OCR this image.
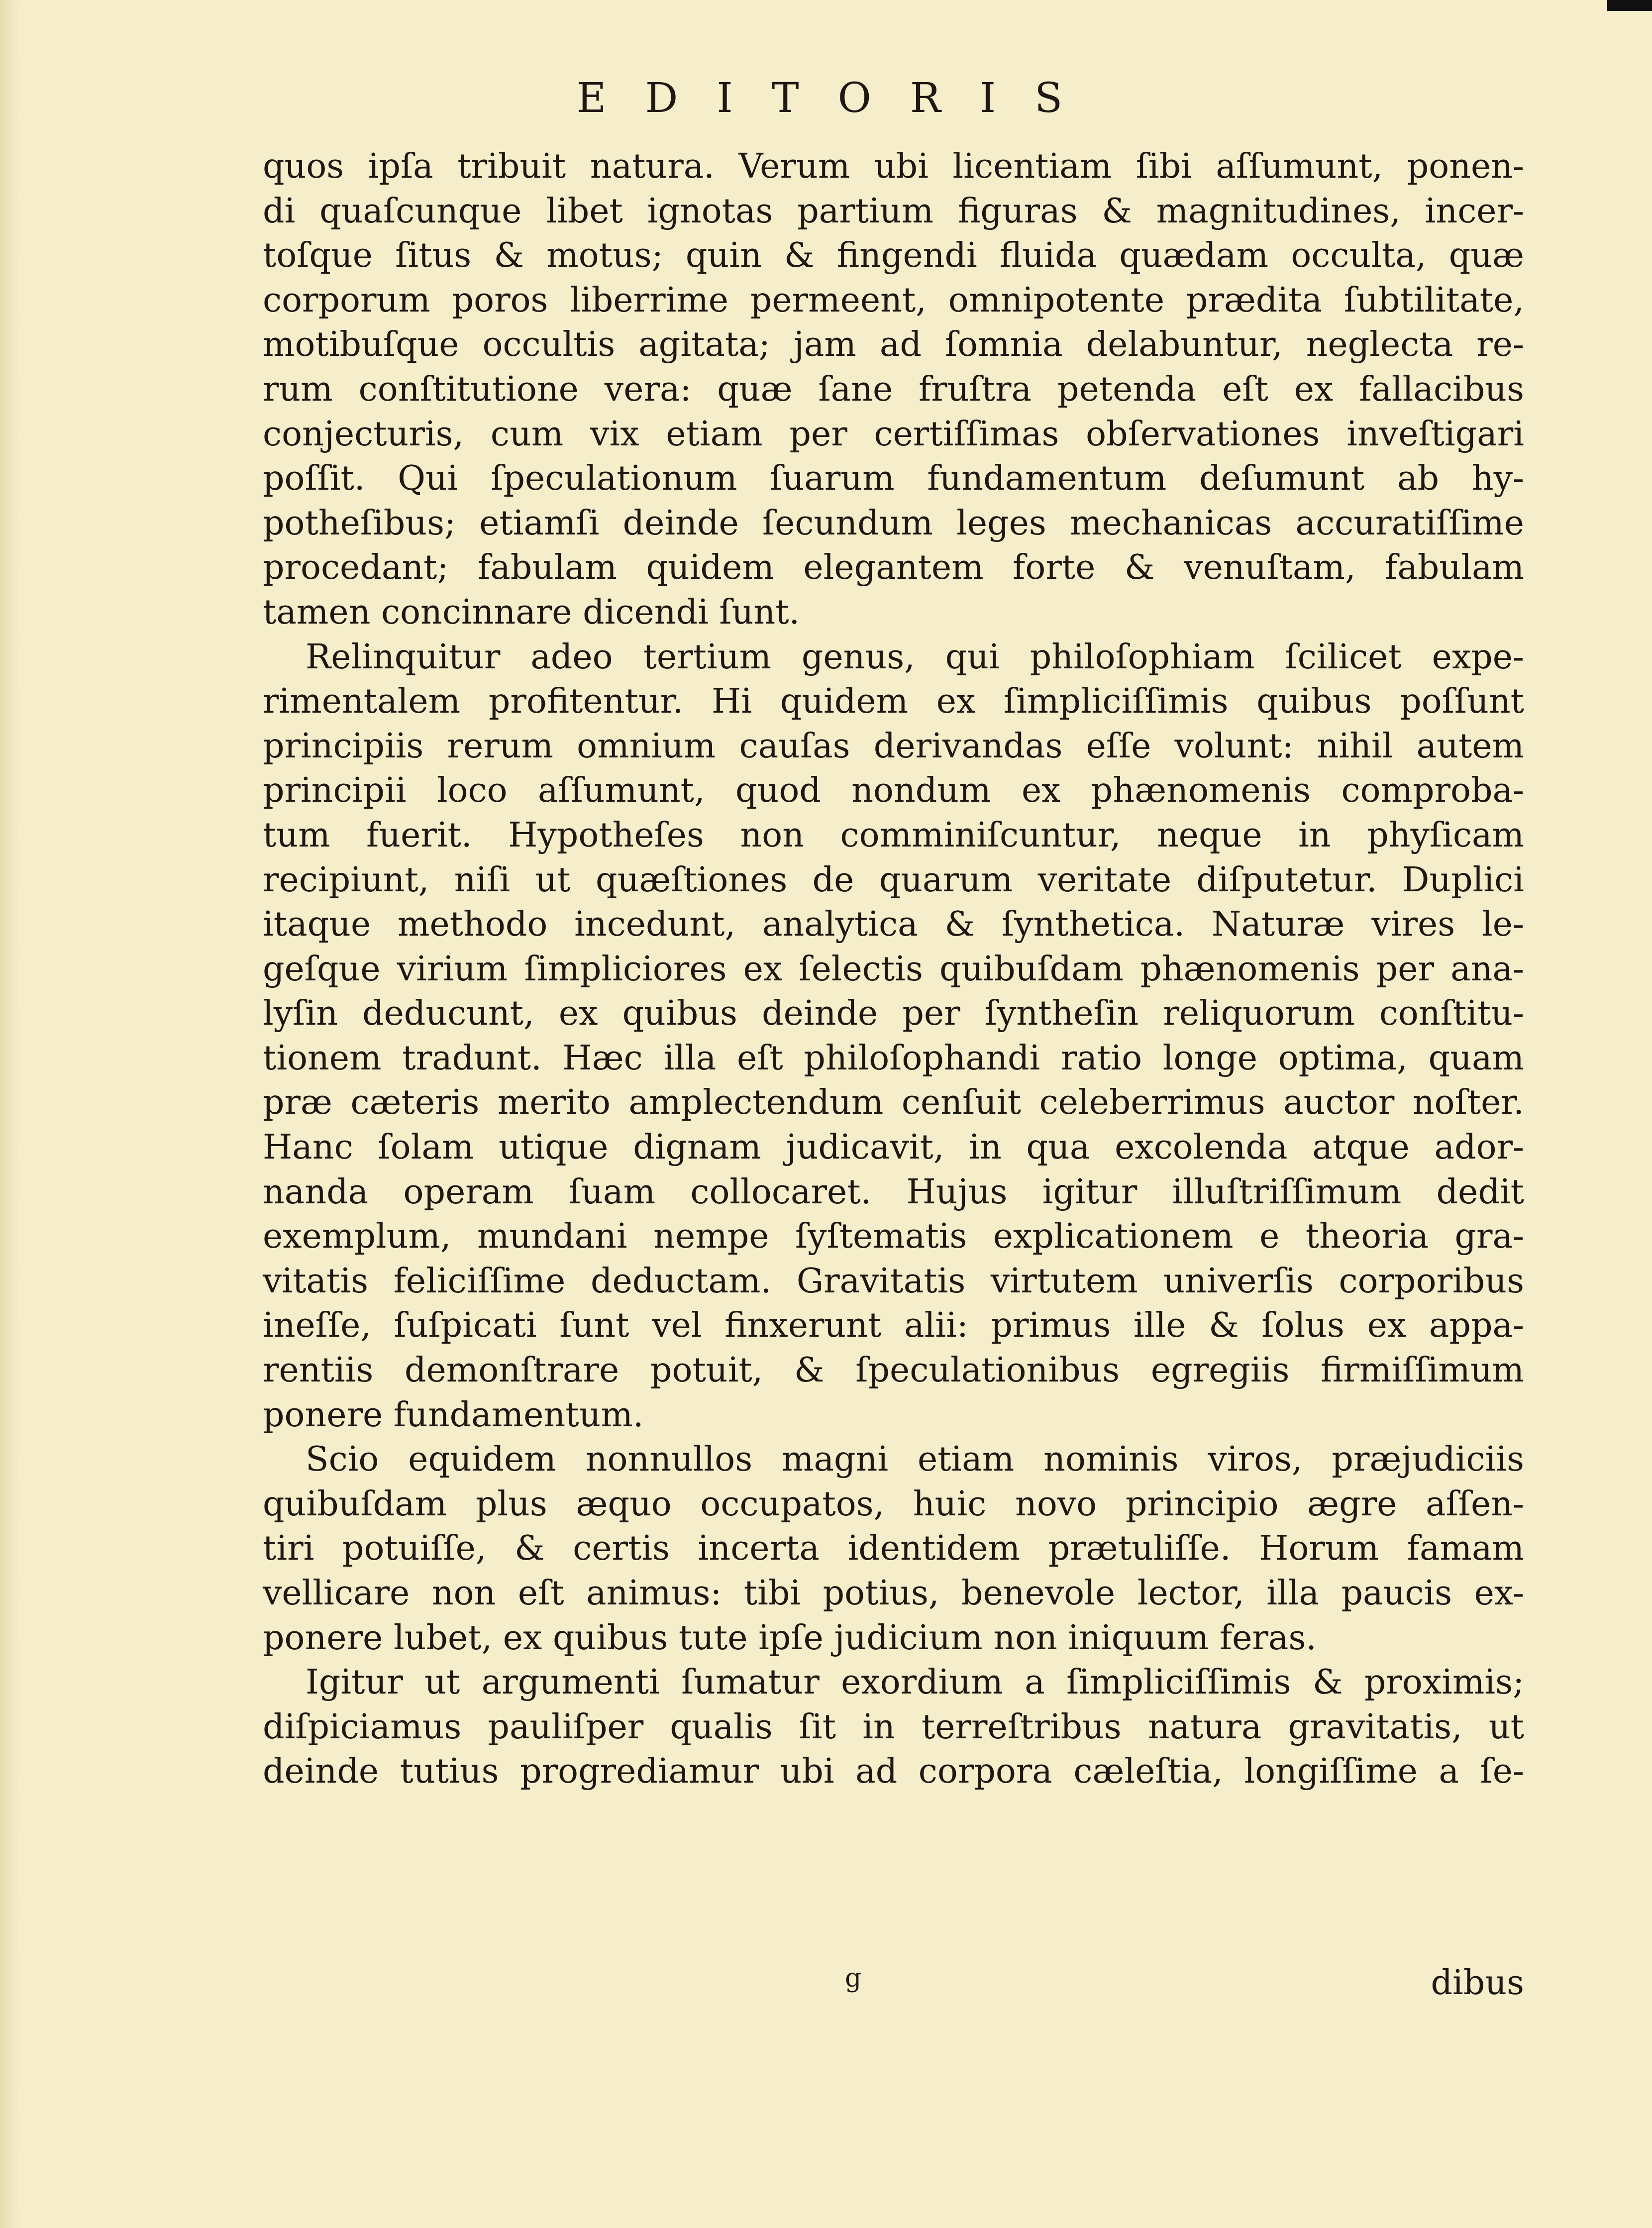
E D I T O R I S
quos ipſa tribuit natura. Verum ubi licentiam ſibi aſſumunt, ponen-
di quaſcunque libet ignotas partium figuras & magnitudines, incer-
toſque ſitus & motus; quin & fingendi fluida quædam occulta, quæ
corporum poros liberrime permeent, omnipotente prædita ſubtilitate,
motibuſque occultis agitata; jam ad ſomnia delabuntur, neglecta re-
rum conſtitutione vera: quæ ſane fruſtra petenda eſt ex fallacibus
conjecturis, cum vix etiam per certiſſimas obſervationes inveſtigari
poſſit. Qui ſpeculationum ſuarum fundamentum deſumunt ab hy-
potheſibus; etiamſi deinde ſecundum leges mechanicas accuratiſſime
procedant; fabulam quidem elegantem forte & venuſtam, fabulam
tamen concinnare dicendi ſunt.
Relinquitur adeo tertium genus, qui philoſophiam ſcilicet expe-
rimentalem profitentur. Hi quidem ex ſimpliciſſimis quibus poſſunt
principiis rerum omnium cauſas derivandas eſſe volunt: nihil autem
principii loco aſſumunt, quod nondum ex phænomenis comproba-
tum fuerit. Hypotheſes non comminiſcuntur, neque in phyſicam
recipiunt, niſi ut quæſtiones de quarum veritate diſputetur. Duplici
itaque methodo incedunt, analytica & ſynthetica. Naturæ vires le-
geſque virium ſimpliciores ex ſelectis quibuſdam phænomenis per ana-
lyſin deducunt, ex quibus deinde per ſyntheſin reliquorum conſtitu-
tionem tradunt. Hæc illa eſt philoſophandi ratio longe optima, quam
præ cæteris merito amplectendum cenſuit celeberrimus auctor noſter.
Hanc ſolam utique dignam judicavit, in qua excolenda atque ador-
nanda operam ſuam collocaret. Hujus igitur illuſtriſſimum dedit
exemplum, mundani nempe ſyſtematis explicationem e theoria gra-
vitatis feliciſſime deductam. Gravitatis virtutem univerſis corporibus
ineſſe, ſuſpicati ſunt vel finxerunt alii: primus ille & ſolus ex appa-
rentiis demonſtrare potuit, & ſpeculationibus egregiis firmiſſimum
ponere fundamentum.
Scio equidem nonnullos magni etiam nominis viros, præjudiciis
quibuſdam plus æquo occupatos, huic novo principio ægre aſſen-
tiri potuiſſe, & certis incerta identidem prætuliſſe. Horum famam
vellicare non eſt animus: tibi potius, benevole lector, illa paucis ex-
ponere lubet, ex quibus tute ipſe judicium non iniquum feras.
Igitur ut argumenti ſumatur exordium a ſimpliciſſimis & proximis;
diſpiciamus pauliſper qualis ſit in terreſtribus natura gravitatis, ut
deinde tutius progrediamur ubi ad corpora cæleſtia, longiſſime a ſe-
g	dibus
